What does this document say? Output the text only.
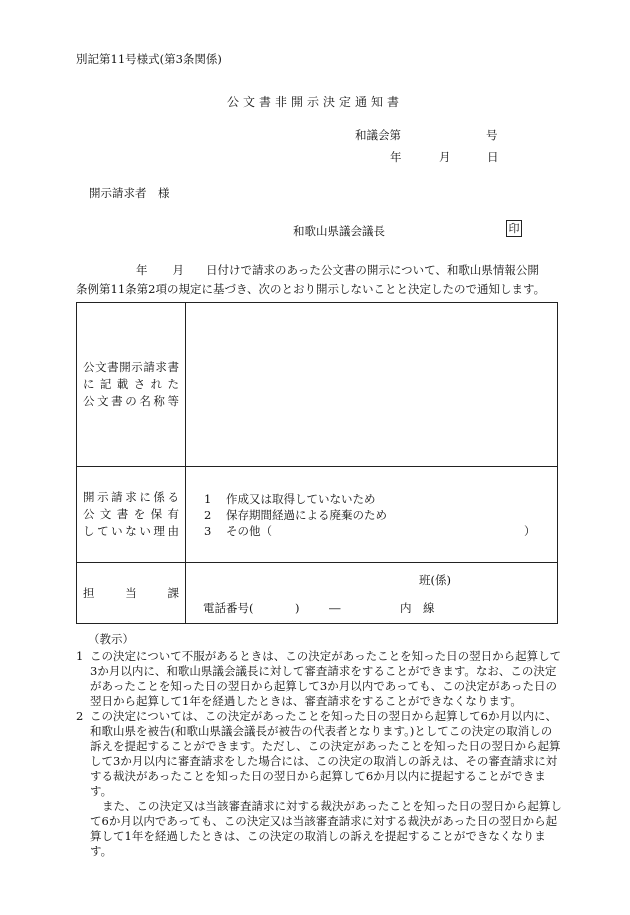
別記第11号様式(第3条関係)
公文書非開示決定通知書
和議会第	号
年	月	日
開示請求者　様
和歌山県議会議長	印
年 月 日付けで請求のあった公文書の開示について、和歌山県情報公開
条例第11条第2項の規定に基づき、次のとおり開示しないことと決定したので通知します。
公文書開示請求書
に記載された
公文書の名称等	

開示請求に係る
公文書を保有
していない理由	1 作成又は取得していないため
2 保存期間経過による廃棄のため
3 その他（ ）

担　当　課	班(係)
電話番号( ) ― 内　線
（教示）
1 この決定について不服があるときは、この決定があったことを知った日の翌日から起算して3か月以内に、和歌山県議会議長に対して審査請求をすることができます。なお、この決定があったことを知った日の翌日から起算して3か月以内であっても、この決定があった日の翌日から起算して1年を経過したときは、審査請求をすることができなくなります。
2 この決定については、この決定があったことを知った日の翌日から起算して6か月以内に、和歌山県を被告(和歌山県議会議長が被告の代表者となります。)としてこの決定の取消しの訴えを提起することができます。ただし、この決定があったことを知った日の翌日から起算して3か月以内に審査請求をした場合には、この決定の取消しの訴えは、その審査請求に対する裁決があったことを知った日の翌日から起算して6か月以内に提起することができます。
また、この決定又は当該審査請求に対する裁決があったことを知った日の翌日から起算して6か月以内であっても、この決定又は当該審査請求に対する裁決があった日の翌日から起算して1年を経過したときは、この決定の取消しの訴えを提起することができなくなります。
